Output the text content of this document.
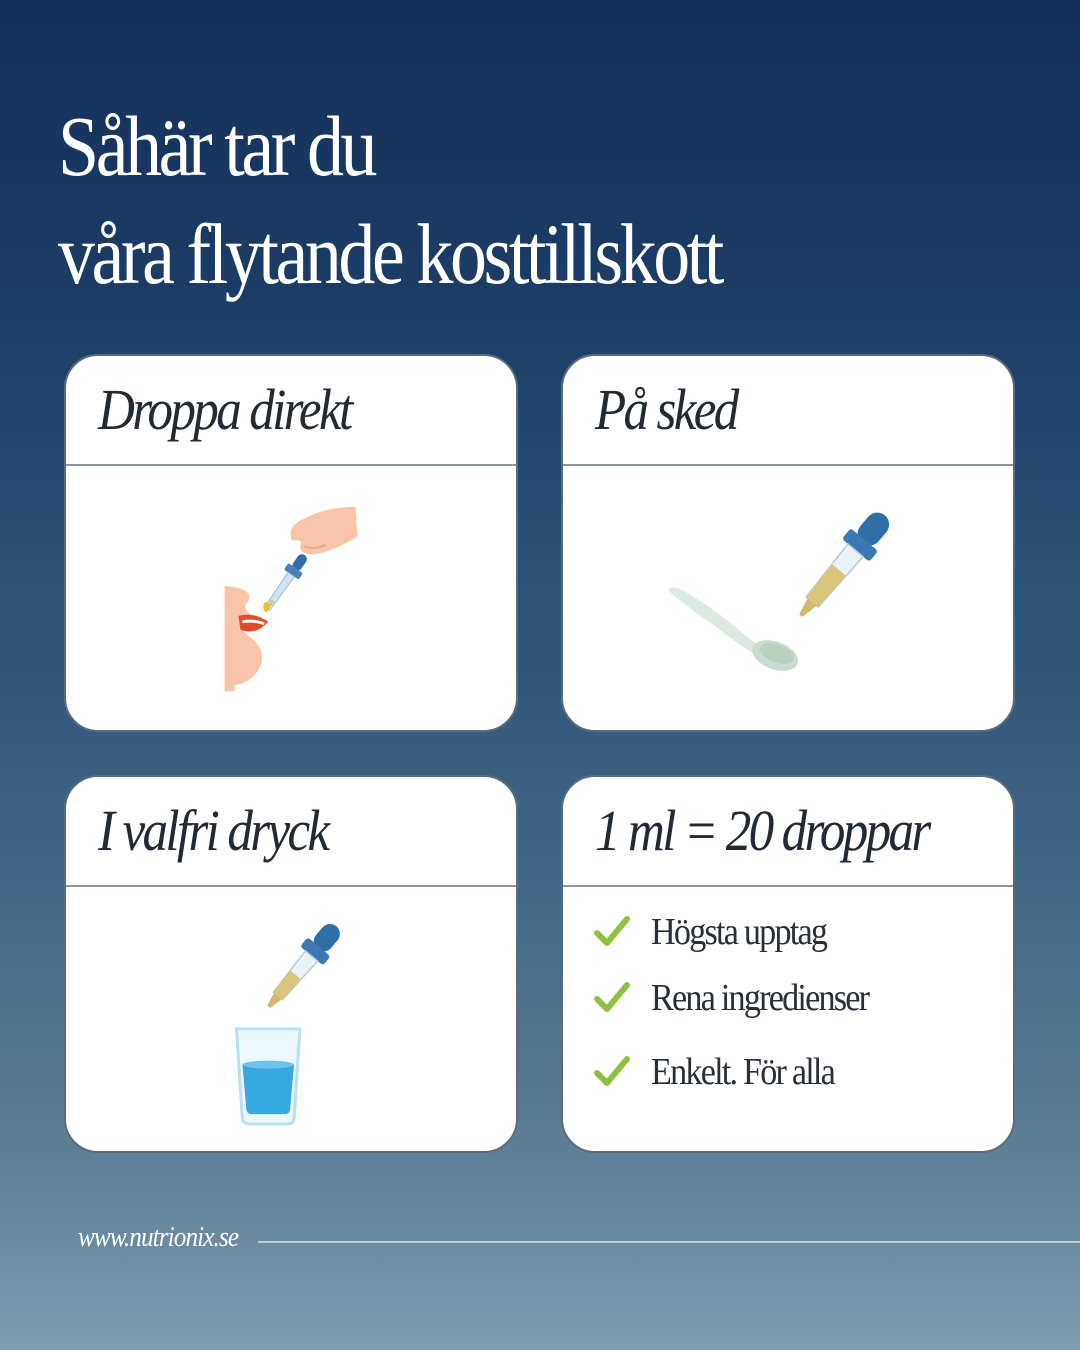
Såhär tar du
våra flytande kosttillskott
Droppa direkt	På sked
I valfri dryck	1 ml = 20 droppar
Högsta upptag
Rena ingredienser
Enkelt. För alla

www.nutrionix.se
